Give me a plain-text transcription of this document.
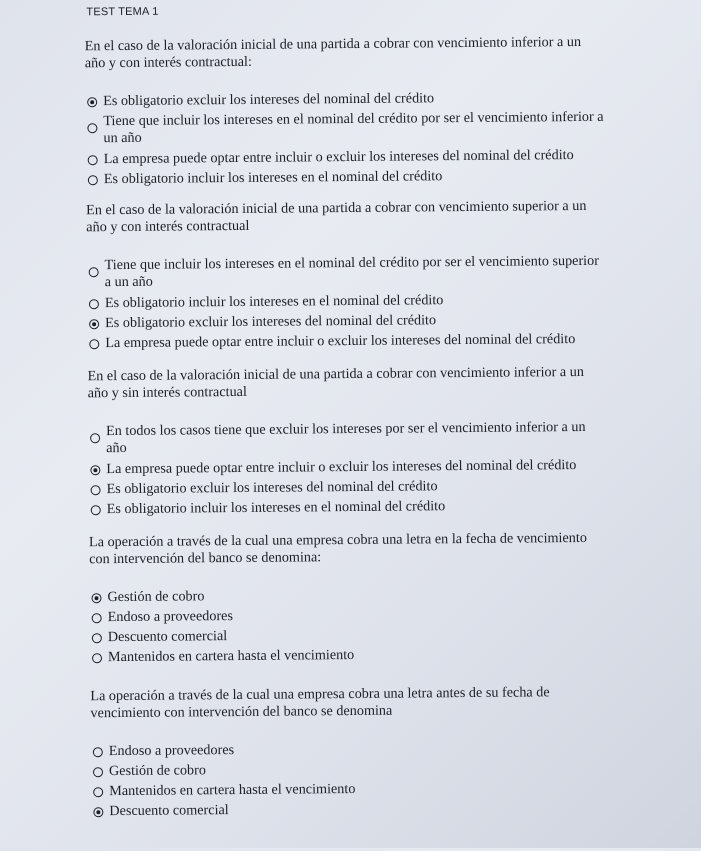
TEST TEMA 1
En el caso de la valoración inicial de una partida a cobrar con vencimiento inferior a un año y con interés contractual:
Es obligatorio excluir los intereses del nominal del crédito
Tiene que incluir los intereses en el nominal del crédito por ser el vencimiento inferior a un año
La empresa puede optar entre incluir o excluir los intereses del nominal del crédito
Es obligatorio incluir los intereses en el nominal del crédito
En el caso de la valoración inicial de una partida a cobrar con vencimiento superior a un año y con interés contractual
Tiene que incluir los intereses en el nominal del crédito por ser el vencimiento superior a un año
Es obligatorio incluir los intereses en el nominal del crédito
Es obligatorio excluir los intereses del nominal del crédito
La empresa puede optar entre incluir o excluir los intereses del nominal del crédito
En el caso de la valoración inicial de una partida a cobrar con vencimiento inferior a un año y sin interés contractual
En todos los casos tiene que excluir los intereses por ser el vencimiento inferior a un año
La empresa puede optar entre incluir o excluir los intereses del nominal del crédito
Es obligatorio excluir los intereses del nominal del crédito
Es obligatorio incluir los intereses en el nominal del crédito
La operación a través de la cual una empresa cobra una letra en la fecha de vencimiento con intervención del banco se denomina:
Gestión de cobro
Endoso a proveedores
Descuento comercial
Mantenidos en cartera hasta el vencimiento
La operación a través de la cual una empresa cobra una letra antes de su fecha de vencimiento con intervención del banco se denomina
Endoso a proveedores
Gestión de cobro
Mantenidos en cartera hasta el vencimiento
Descuento comercial
